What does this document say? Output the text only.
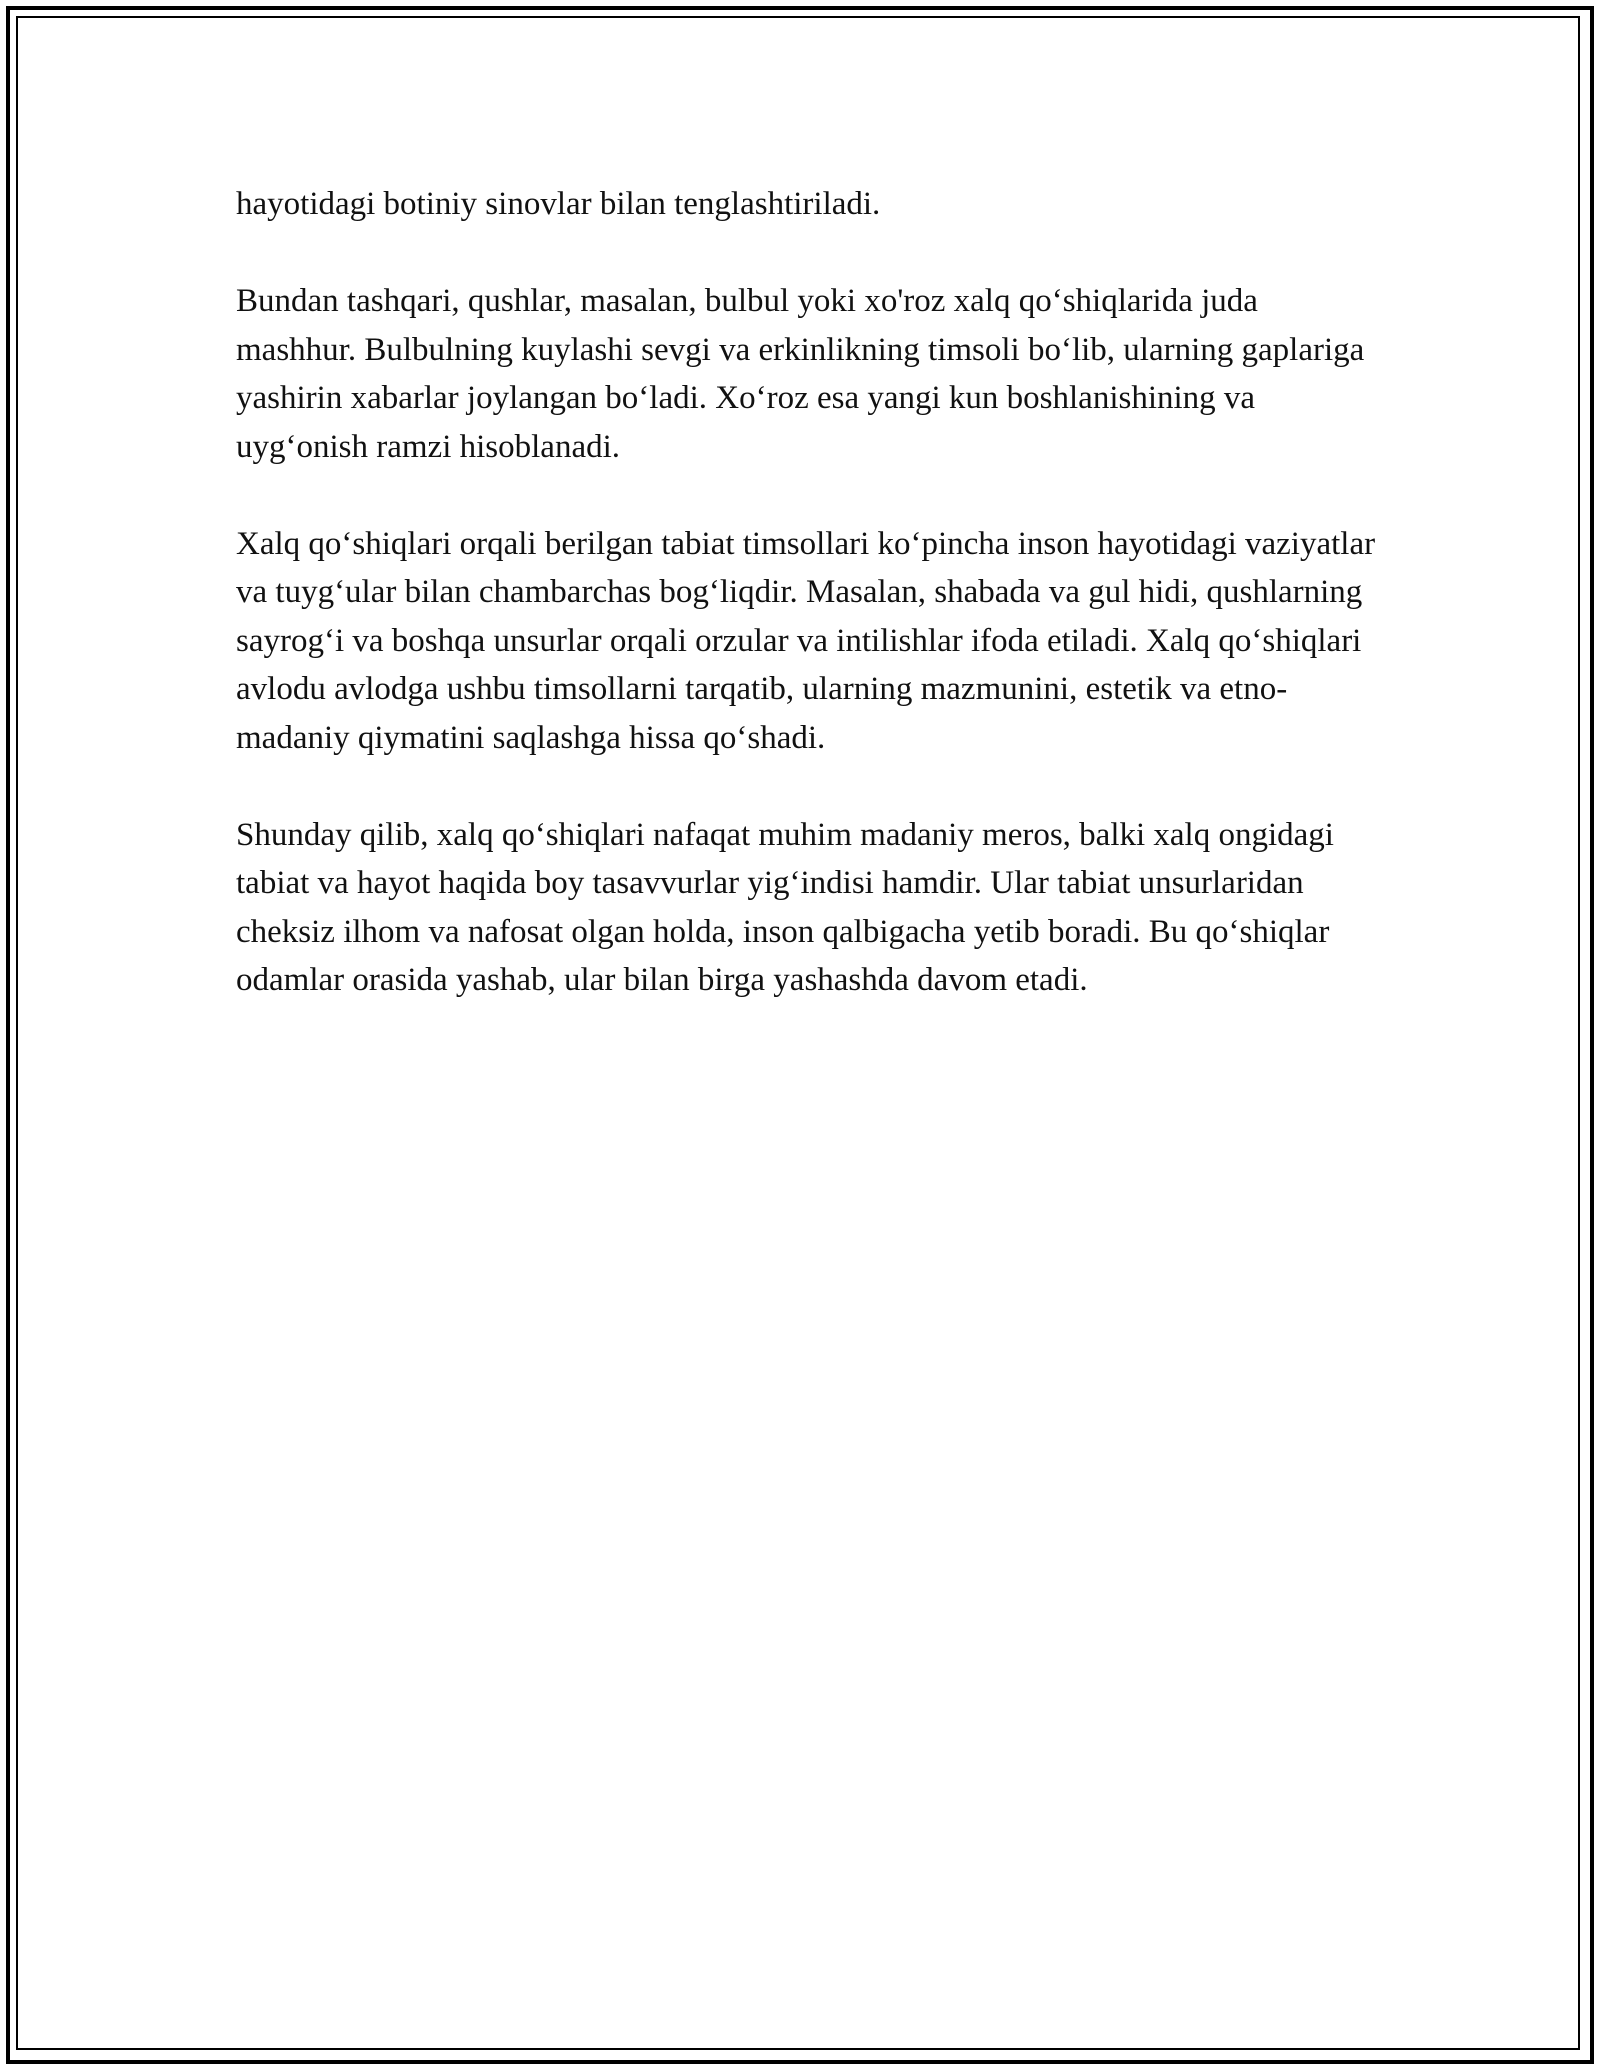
hayotidagi botiniy sinovlar bilan tenglashtiriladi.

Bundan tashqari, qushlar, masalan, bulbul yoki xo'roz xalq qo‘shiqlarida juda mashhur. Bulbulning kuylashi sevgi va erkinlikning timsoli bo‘lib, ularning gaplariga yashirin xabarlar joylangan bo‘ladi. Xo‘roz esa yangi kun boshlanishining va uyg‘onish ramzi hisoblanadi.

Xalq qo‘shiqlari orqali berilgan tabiat timsollari ko‘pincha inson hayotidagi vaziyatlar va tuyg‘ular bilan chambarchas bog‘liqdir. Masalan, shabada va gul hidi, qushlarning sayrog‘i va boshqa unsurlar orqali orzular va intilishlar ifoda etiladi. Xalq qo‘shiqlari avlodu avlodga ushbu timsollarni tarqatib, ularning mazmunini, estetik va etno-madaniy qiymatini saqlashga hissa qo‘shadi.

Shunday qilib, xalq qo‘shiqlari nafaqat muhim madaniy meros, balki xalq ongidagi tabiat va hayot haqida boy tasavvurlar yig‘indisi hamdir. Ular tabiat unsurlaridan cheksiz ilhom va nafosat olgan holda, inson qalbigacha yetib boradi. Bu qo‘shiqlar odamlar orasida yashab, ular bilan birga yashashda davom etadi.
